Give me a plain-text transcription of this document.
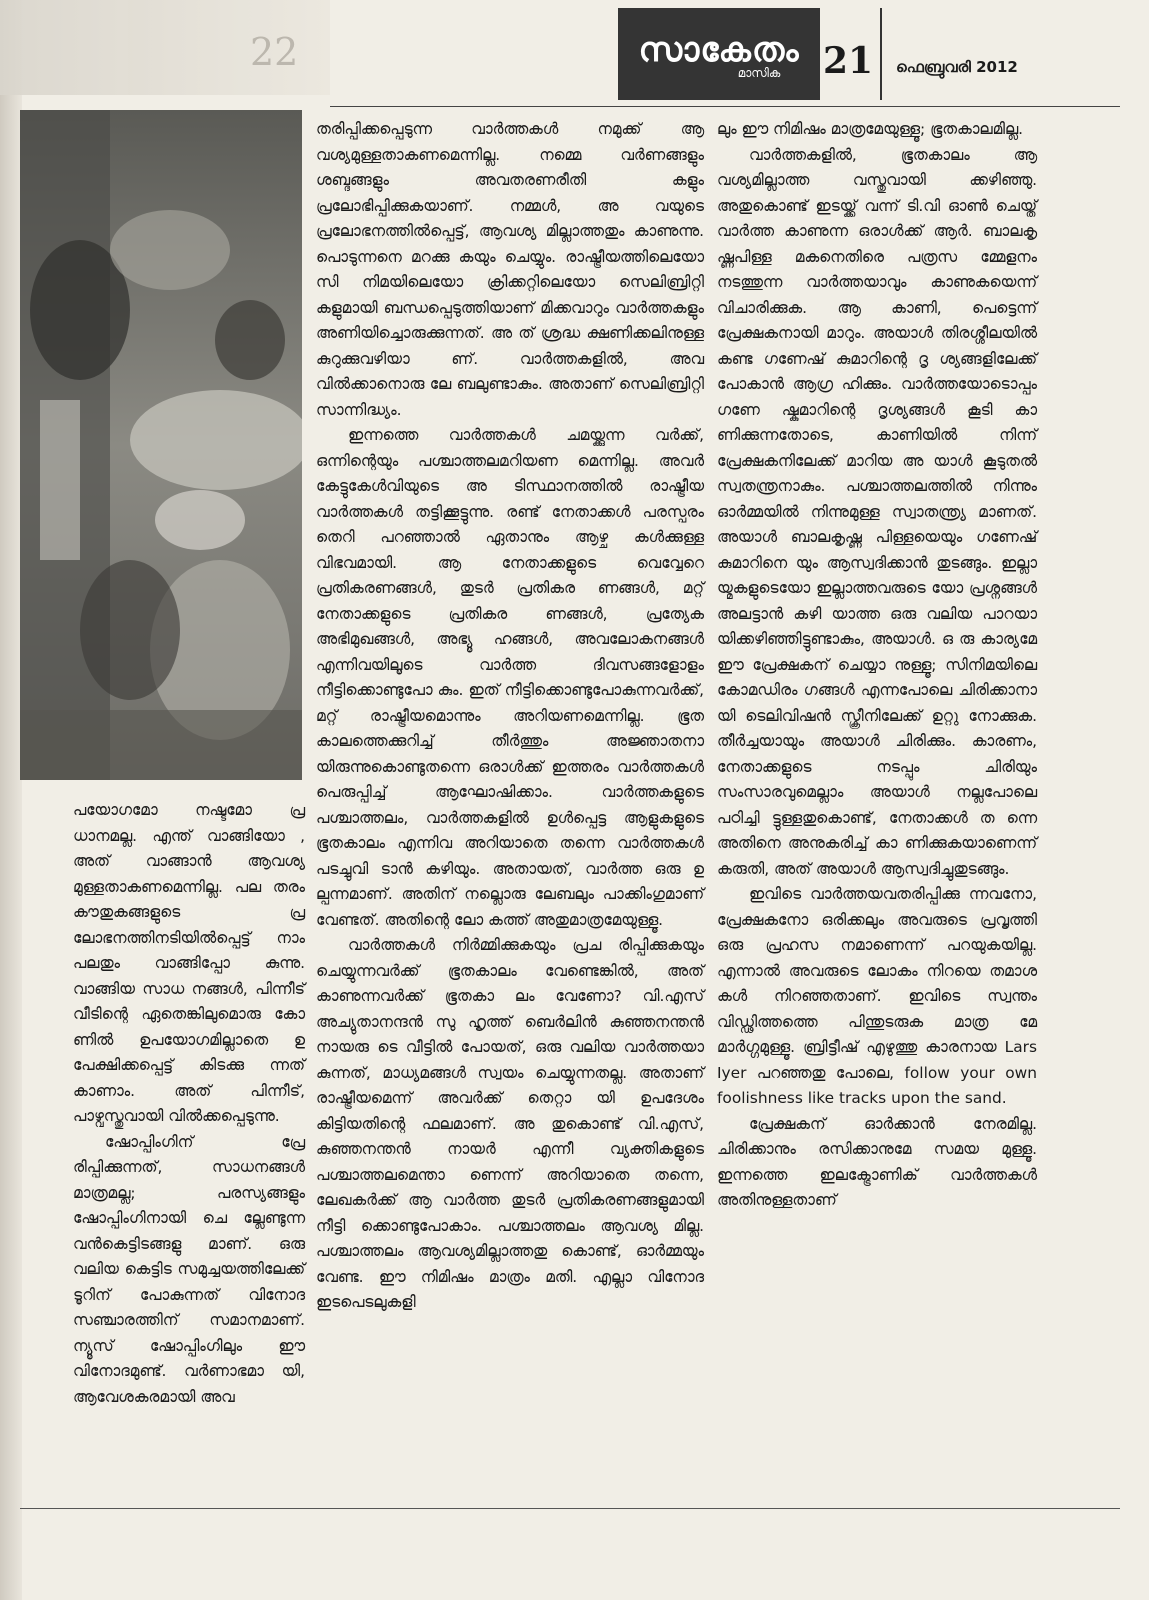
22	സാകേതം
മാസിക	21 ഫെബ്രുവരി 2012

പയോഗമോ നഷ്ടമോ പ്ര ധാനമല്ല. എന്ത് വാങ്ങിയോ , അത് വാങ്ങാൻ ആവശ്യ മുള്ളതാകണമെന്നില്ല. പല തരം കൗതുകങ്ങളുടെ പ്ര ലോഭനത്തിനടിയിൽപ്പെട്ട് നാം പലതും വാങ്ങിപ്പോ കുന്നു. വാങ്ങിയ സാധ നങ്ങൾ, പിന്നീട് വീടിന്റെ ഏതെങ്കിലുമൊരു കോ ണിൽ ഉപയോഗമില്ലാതെ ഉ പേക്ഷിക്കപ്പെട്ട് കിടക്കു ന്നത് കാണാം. അത് പിന്നീട്, പാഴ്വസ്തുവായി വിൽക്കപ്പെടുന്നു.

ഷോപ്പിംഗിന് പ്രേ രിപ്പിക്കുന്നത്, സാധനങ്ങൾ മാത്രമല്ല; പരസ്യങ്ങളും ഷോപ്പിംഗിനായി ചെ ല്ലേണ്ടുന്ന വൻകെട്ടിടങ്ങളു മാണ്. ഒരു വലിയ കെട്ടിട സമുച്ചയത്തിലേക്ക് ടൂറിന് പോകുന്നത് വിനോദ സഞ്ചാരത്തിന് സമാനമാണ്. ന്യൂസ് ഷോപ്പിംഗിലും ഈ വിനോദമുണ്ട്. വർണാഭമാ യി, ആവേശകരമായി അവ

തരിപ്പിക്കപ്പെടുന്ന വാർത്തകൾ നമുക്ക് ആ വശ്യമുള്ളതാകണമെന്നില്ല. നമ്മെ വർണങ്ങളും ശബ്ദങ്ങളും അവതരണരീതി കളും പ്രലോഭിപ്പിക്കുകയാണ്. നമ്മൾ, അ വയുടെ പ്രലോഭനത്തിൽപ്പെട്ട്, ആവശ്യ മില്ലാത്തതും കാണുന്നു. പൊടുന്നനെ മറക്കു കയും ചെയ്യും. രാഷ്ട്രീയത്തിലെയോ സി നിമയിലെയോ ക്രിക്കറ്റിലെയോ സെലിബ്രിറ്റി കളുമായി ബന്ധപ്പെടുത്തിയാണ് മിക്കവാറും വാർത്തകളും അണിയിച്ചൊരുക്കുന്നത്. അ ത് ശ്രദ്ധ ക്ഷണിക്കലിനുള്ള കുറുക്കുവഴിയാ ണ്. വാർത്തകളിൽ, അവ വിൽക്കാനൊരു ലേ ബലുണ്ടാകും. അതാണ് സെലിബ്രിറ്റി സാന്നിദ്ധ്യം.

ഇന്നത്തെ വാർത്തകൾ ചമയ്ക്കുന്ന വർക്ക്, ഒന്നിന്റെയും പശ്ചാത്തലമറിയണ മെന്നില്ല. അവർ കേട്ടുകേൾവിയുടെ അ ടിസ്ഥാനത്തിൽ രാഷ്ട്രീയ വാർത്തകൾ തട്ടിക്കൂട്ടുന്നു. രണ്ട് നേതാക്കൾ പരസ്പരം തെറി പറഞ്ഞാൽ ഏതാനും ആഴ്ച കൾക്കുള്ള വിഭവമായി. ആ നേതാക്കളുടെ വെവ്വേറെ പ്രതികരണങ്ങൾ, തുടർ പ്രതികര ണങ്ങൾ, മറ്റ് നേതാക്കളുടെ പ്രതികര ണങ്ങൾ, പ്രത്യേക അഭിമുഖങ്ങൾ, അഭ്യൂ ഹങ്ങൾ, അവലോകനങ്ങൾ എന്നിവയിലൂടെ വാർത്ത ദിവസങ്ങളോളം നീട്ടിക്കൊണ്ടുപോ കും. ഇത് നീട്ടിക്കൊണ്ടുപോകുന്നവർക്ക്, മറ്റ് രാഷ്ട്രീയമൊന്നും അറിയണമെന്നില്ല. ഭൂത കാലത്തെക്കുറിച്ച് തീർത്തും അജ്ഞാതനാ യിരുന്നുകൊണ്ടുതന്നെ ഒരാൾക്ക് ഇത്തരം വാർത്തകൾ പെരുപ്പിച്ച് ആഘോഷിക്കാം. വാർത്തകളുടെ പശ്ചാത്തലം, വാർത്തകളിൽ ഉൾപ്പെട്ട ആളുകളുടെ ഭൂതകാലം എന്നിവ അറിയാതെ തന്നെ വാർത്തകൾ പടച്ചുവി ടാൻ കഴിയും. അതായത്, വാർത്ത ഒരു ഉ ല്പന്നമാണ്. അതിന് നല്ലൊരു ലേബലും പാക്കിംഗുമാണ് വേണ്ടത്. അതിന്റെ ലോ കത്ത് അതുമാത്രമേയുള്ളൂ.

വാർത്തകൾ നിർമ്മിക്കുകയും പ്രച രിപ്പിക്കുകയും ചെയ്യുന്നവർക്ക് ഭൂതകാലം വേണ്ടെങ്കിൽ, അത് കാണുന്നവർക്ക് ഭൂതകാ ലം വേണോ? വി.എസ് അച്യുതാനന്ദൻ സു ഹൃത്ത് ബെർലിൻ കുഞ്ഞനന്തൻ നായരു ടെ വീട്ടിൽ പോയത്, ഒരു വലിയ വാർത്തയാ കുന്നത്, മാധ്യമങ്ങൾ സ്വയം ചെയ്യുന്നതല്ല. അതാണ് രാഷ്ട്രീയമെന്ന് അവർക്ക് തെറ്റാ യി ഉപദേശം കിട്ടിയതിന്റെ ഫലമാണ്. അ തുകൊണ്ട് വി.എസ്, കുഞ്ഞനന്തൻ നായർ എന്നീ വ്യക്തികളുടെ പശ്ചാത്തലമെന്താ ണെന്ന് അറിയാതെ തന്നെ, ലേഖകർക്ക് ആ വാർത്ത തുടർ പ്രതികരണങ്ങളുമായി നീട്ടി ക്കൊണ്ടുപോകാം. പശ്ചാത്തലം ആവശ്യ മില്ല. പശ്ചാത്തലം ആവശ്യമില്ലാത്തതു കൊണ്ട്, ഓർമ്മയും വേണ്ട. ഈ നിമിഷം മാത്രം മതി. എല്ലാ വിനോദ ഇടപെടലുകളി

ലും ഈ നിമിഷം മാത്രമേയുള്ളൂ; ഭൂതകാലമില്ല.

വാർത്തകളിൽ, ഭൂതകാലം ആ വശ്യമില്ലാത്ത വസ്തുവായി ക്കഴിഞ്ഞു. അതുകൊണ്ട് ഇടയ്ക്ക് വന്ന് ടി.വി ഓൺ ചെയ്ത് വാർത്ത കാണുന്ന ഒരാൾക്ക് ആർ. ബാലകൃ ഷ്ണപിള്ള മകനെതിരെ പത്രസ മ്മേളനം നടത്തുന്ന വാർത്തയാവും കാണുകയെന്ന് വിചാരിക്കുക. ആ കാണി, പെട്ടെന്ന് പ്രേക്ഷകനായി മാറും. അയാൾ തിരശ്ശീലയിൽ കണ്ട ഗണേഷ് കുമാറിന്റെ ദൃ ശ്യങ്ങളിലേക്ക് പോകാൻ ആഗ്ര ഹിക്കും. വാർത്തയോടൊപ്പം ഗണേ ഷ്കുമാറിന്റെ ദൃശ്യങ്ങൾ കൂടി കാ ണിക്കുന്നതോടെ, കാണിയിൽ നിന്ന് പ്രേക്ഷകനിലേക്ക് മാറിയ അ യാൾ കൂടുതൽ സ്വതന്ത്രനാകും. പശ്ചാത്തലത്തിൽ നിന്നും ഓർമ്മയിൽ നിന്നുമുള്ള സ്വാതന്ത്ര്യ മാണത്. അയാൾ ബാലകൃഷ്ണ പിള്ളയെയും ഗണേഷ് കുമാറിനെ യും ആസ്വദിക്കാൻ തുടങ്ങും. ഇല്ലാ യ്മകളുടെയോ ഇല്ലാത്തവരുടെ യോ പ്രശ്നങ്ങൾ അലട്ടാൻ കഴി യാത്ത ഒരു വലിയ പാറയാ യിക്കഴിഞ്ഞിട്ടുണ്ടാകും, അയാൾ. ഒ രു കാര്യമേ ഈ പ്രേക്ഷകന് ചെയ്യാ നുള്ളൂ; സിനിമയിലെ കോമഡിരം ഗങ്ങൾ എന്നപോലെ ചിരിക്കാനാ യി ടെലിവിഷൻ സ്ക്രീനിലേക്ക് ഉറ്റു നോക്കുക. തീർച്ചയായും അയാൾ ചിരിക്കും. കാരണം, നേതാക്കളുടെ നടപ്പും ചിരിയും സംസാരവുമെല്ലാം അയാൾ നല്ലപോലെ പഠിച്ചി ട്ടുള്ളതുകൊണ്ട്, നേതാക്കൾ ത ന്നെ അതിനെ അനുകരിച്ച് കാ ണിക്കുകയാണെന്ന് കരുതി, അത് അയാൾ ആസ്വദിച്ചുതുടങ്ങും.

ഇവിടെ വാർത്തയവതരിപ്പിക്കു ന്നവനോ, പ്രേക്ഷകനോ ഒരിക്കലും അവരുടെ പ്രവൃത്തി ഒരു പ്രഹസ നമാണെന്ന് പറയുകയില്ല. എന്നാൽ അവരുടെ ലോകം നിറയെ തമാശ കൾ നിറഞ്ഞതാണ്. ഇവിടെ സ്വന്തം വിഡ്ഢിത്തത്തെ പിന്തുടരുക മാത്ര മേ മാർഗ്ഗമുള്ളൂ. ബ്രിട്ടീഷ് എഴുത്തു കാരനായ Lars Iyer പറഞ്ഞതു പോലെ, follow your own foolishness like tracks upon the sand.

പ്രേക്ഷകന് ഓർക്കാൻ നേരമില്ല. ചിരിക്കാനും രസിക്കാനുമേ സമയ മുള്ളൂ. ഇന്നത്തെ ഇലക്ട്രോണിക് വാർത്തകൾ അതിനുള്ളതാണ്
